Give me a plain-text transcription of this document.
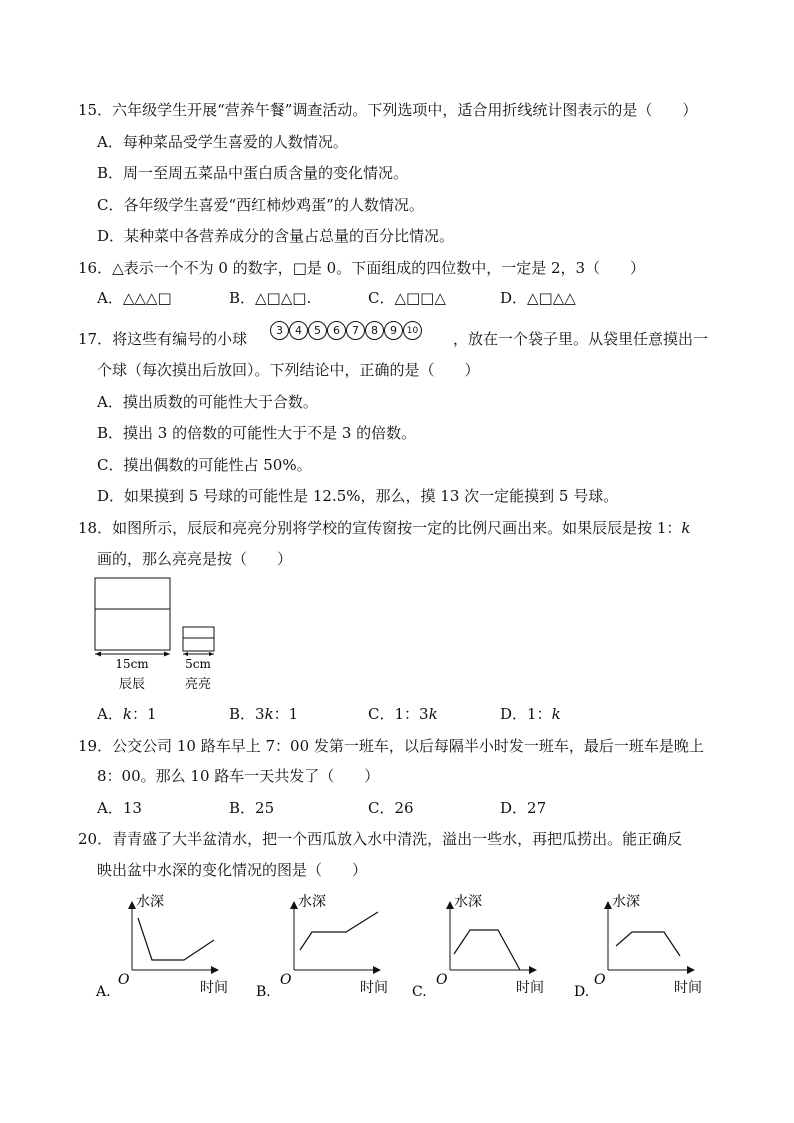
15．六年级学生开展“营养午餐”调查活动。下列选项中，适合用折线统计图表示的是（　　）
A．每种菜品受学生喜爱的人数情况。
B．周一至周五菜品中蛋白质含量的变化情况。
C．各年级学生喜爱“西红柿炒鸡蛋”的人数情况。
D．某种菜中各营养成分的含量占总量的百分比情况。
16．△表示一个不为 0 的数字，□是 0。下面组成的四位数中，一定是 2，3（　　）
A．△△△□	B．△□△□.	C．△□□△	D．△□△△
17．将这些有编号的小球	3	4	5	6	7	8	9	10 ，放在一个袋子里。从袋里任意摸出一
个球（每次摸出后放回）。下列结论中，正确的是（　　）
A．摸出质数的可能性大于合数。
B．摸出 3 的倍数的可能性大于不是 3 的倍数。
C．摸出偶数的可能性占 50%。
D．如果摸到 5 号球的可能性是 12.5%，那么，摸 13 次一定能摸到 5 号球。
18．如图所示，辰辰和亮亮分别将学校的宣传窗按一定的比例尺画出来。如果辰辰是按 1：k
画的，那么亮亮是按（　　）
15cm
辰辰
5cm
亮亮
A．k：1	B．3k：1	C．1：3k	D．1：k
19．公交公司 10 路车早上 7：00 发第一班车，以后每隔半小时发一班车，最后一班车是晚上
8：00。那么 10 路车一天共发了（　　）
A．13	B．25	C．26	D．27
20．青青盛了大半盆清水，把一个西瓜放入水中清洗，溢出一些水，再把瓜捞出。能正确反
映出盆中水深的变化情况的图是（　　）
水深
O	时间
A.
水深
O	时间
B.
水深
O	时间
C.
水深
O	时间
D.
